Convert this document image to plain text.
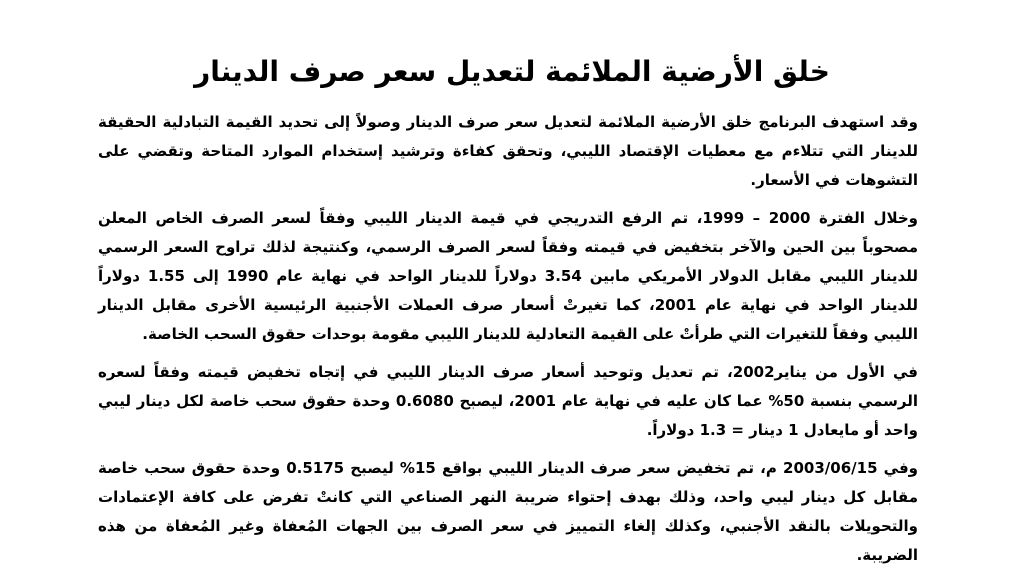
خلق الأرضية الملائمة لتعديل سعر صرف الدينار

وقد استهدف البرنامج خلق الأرضية الملائمة لتعديل سعر صرف الدينار وصولاً إلى تحديد القيمة التبادلية الحقيقة للدينار التي تتلاءم مع معطيات الإقتصاد الليبي، وتحقق كفاءة وترشيد إستخدام الموارد المتاحة وتقضي على التشوهات في الأسعار.

وخلال الفترة 2000 – 1999، تم الرفع التدريجي في قيمة الدينار الليبي وفقاً لسعر الصرف الخاص المعلن مصحوباً بين الحين والآخر بتخفيض في قيمته وفقاً لسعر الصرف الرسمي، وكنتيجة لذلك تراوح السعر الرسمي للدينار الليبي مقابل الدولار الأمريكي مابين 3.54 دولاراً للدينار الواحد في نهاية عام 1990 إلى 1.55 دولاراً للدينار الواحد في نهاية عام 2001، كما تغيرتْ أسعار صرف العملات الأجنبية الرئيسية الأخرى مقابل الدينار الليبي وفقاً للتغيرات التي طرأتْ على القيمة التعادلية للدينار الليبي مقومة بوحدات حقوق السحب الخاصة.

في الأول من يناير2002، تم تعديل وتوحيد أسعار صرف الدينار الليبي في إتجاه تخفيض قيمته وفقاً لسعره الرسمي بنسبة 50% عما كان عليه في نهاية عام 2001، ليصبح 0.6080 وحدة حقوق سحب خاصة لكل دينار ليبي واحد أو مايعادل 1 دينار = 1.3 دولاراً.

وفي 2003/06/15 م، تم تخفيض سعر صرف الدينار الليبي بواقع 15% ليصبح 0.5175 وحدة حقوق سحب خاصة مقابل كل دينار ليبي واحد، وذلك بهدف إحتواء ضريبة النهر الصناعي التي كانتْ تفرض على كافة الإعتمادات والتحويلات بالنقد الأجنبي، وكذلك إلغاء التمييز في سعر الصرف بين الجهات المُعفاة وغير المُعفاة من هذه الضريبة.
